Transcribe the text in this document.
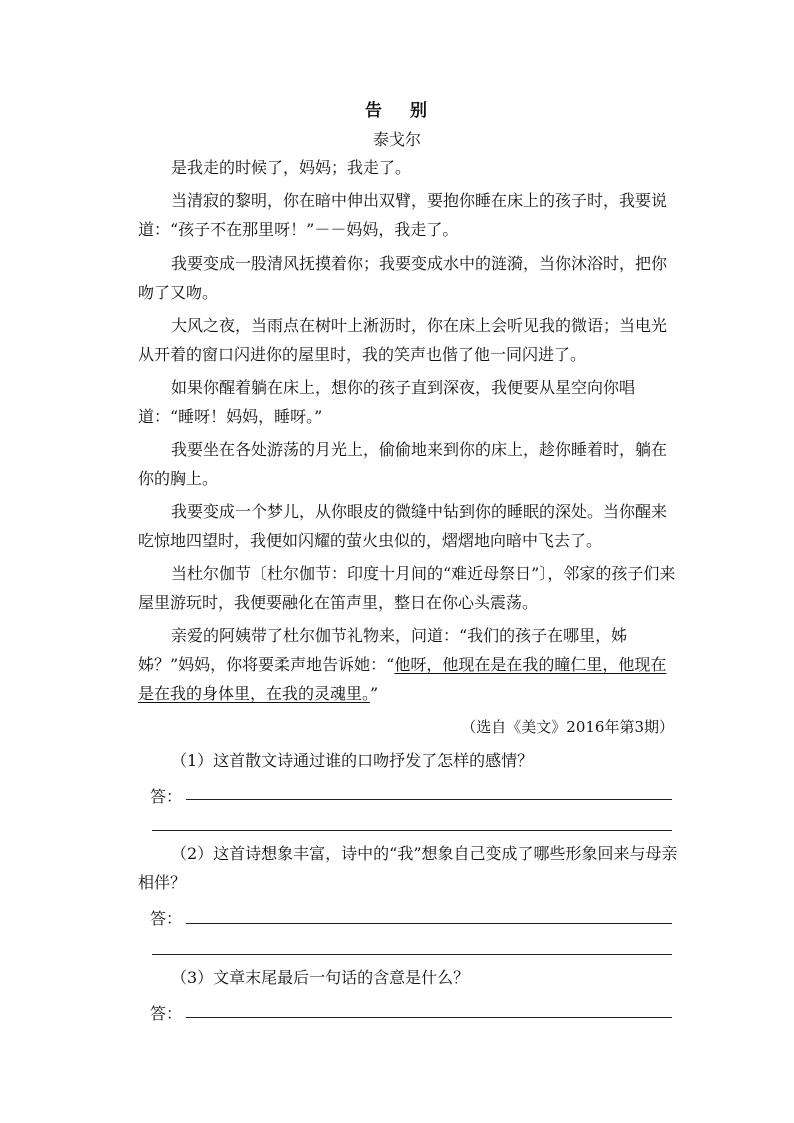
告 别
泰戈尔
是我走的时候了，妈妈；我走了。
当清寂的黎明，你在暗中伸出双臂，要抱你睡在床上的孩子时，我要说道：“孩子不在那里呀！”－－妈妈，我走了。
我要变成一股清风抚摸着你；我要变成水中的涟漪，当你沐浴时，把你吻了又吻。
大风之夜，当雨点在树叶上淅沥时，你在床上会听见我的微语；当电光从开着的窗口闪进你的屋里时，我的笑声也偕了他一同闪进了。
如果你醒着躺在床上，想你的孩子直到深夜，我便要从星空向你唱道：“睡呀！妈妈，睡呀。”
我要坐在各处游荡的月光上，偷偷地来到你的床上，趁你睡着时，躺在你的胸上。
我要变成一个梦儿，从你眼皮的微缝中钻到你的睡眠的深处。当你醒来吃惊地四望时，我便如闪耀的萤火虫似的，熠熠地向暗中飞去了。
当杜尔伽节〔杜尔伽节：印度十月间的“难近母祭日”〕，邻家的孩子们来屋里游玩时，我便要融化在笛声里，整日在你心头震荡。
亲爱的阿姨带了杜尔伽节礼物来，问道：“我们的孩子在哪里，姊姊？”妈妈，你将要柔声地告诉她：“他呀，他现在是在我的瞳仁里，他现在是在我的身体里，在我的灵魂里。”
（选自《美文》2016年第3期）
（1）这首散文诗通过谁的口吻抒发了怎样的感情？
答：
（2）这首诗想象丰富，诗中的“我”想象自己变成了哪些形象回来与母亲相伴？
答：
（3）文章末尾最后一句话的含意是什么？
答：
